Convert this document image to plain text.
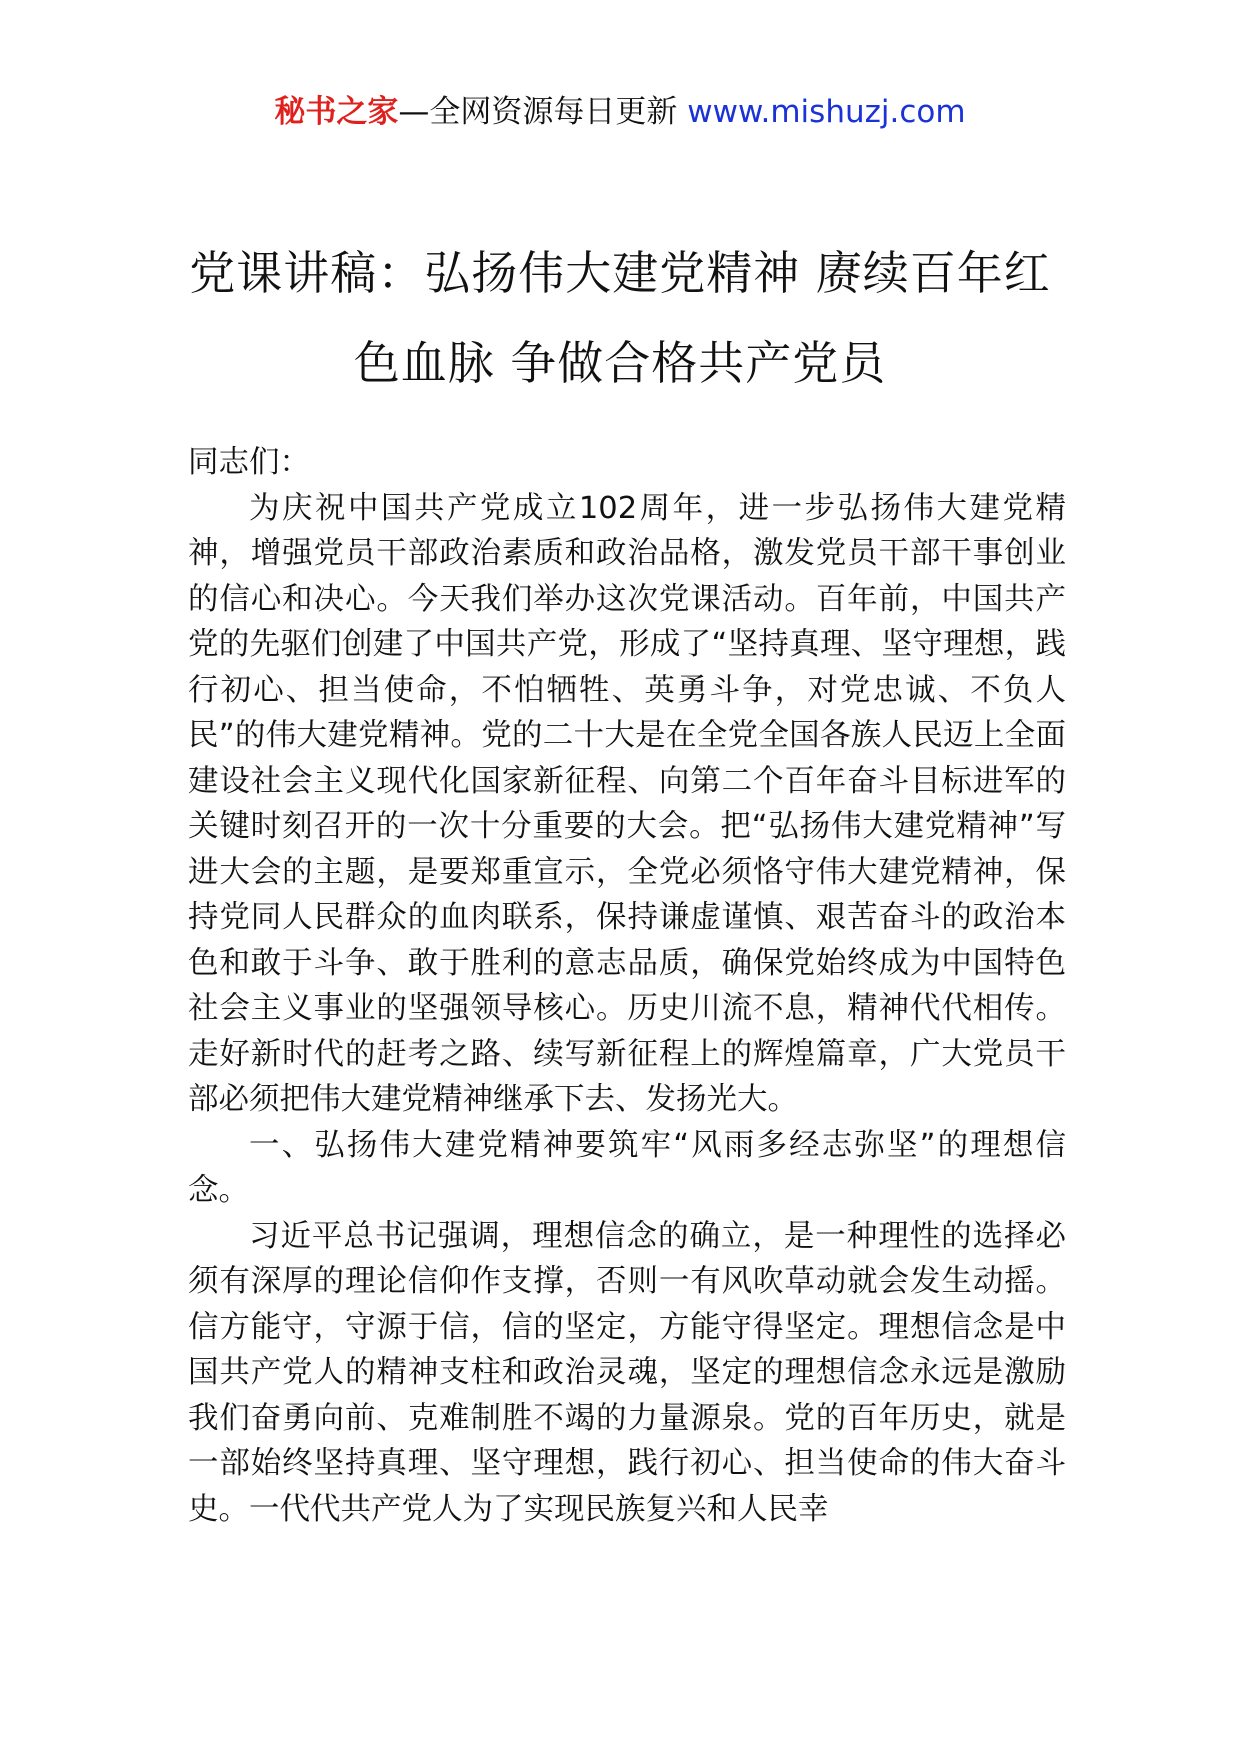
秘书之家—全网资源每日更新 www.mishuzj.com
党课讲稿：弘扬伟大建党精神 赓续百年红色血脉 争做合格共产党员

同志们：

为庆祝中国共产党成立102周年，进一步弘扬伟大建党精神，增强党员干部政治素质和政治品格，激发党员干部干事创业的信心和决心。今天我们举办这次党课活动。百年前，中国共产党的先驱们创建了中国共产党，形成了“坚持真理、坚守理想，践行初心、担当使命，不怕牺牲、英勇斗争，对党忠诚、不负人民”的伟大建党精神。党的二十大是在全党全国各族人民迈上全面建设社会主义现代化国家新征程、向第二个百年奋斗目标进军的关键时刻召开的一次十分重要的大会。把“弘扬伟大建党精神”写进大会的主题，是要郑重宣示，全党必须恪守伟大建党精神，保持党同人民群众的血肉联系，保持谦虚谨慎、艰苦奋斗的政治本色和敢于斗争、敢于胜利的意志品质，确保党始终成为中国特色社会主义事业的坚强领导核心。历史川流不息，精神代代相传。走好新时代的赶考之路、续写新征程上的辉煌篇章，广大党员干部必须把伟大建党精神继承下去、发扬光大。

一、弘扬伟大建党精神要筑牢“风雨多经志弥坚”的理想信念。

习近平总书记强调，理想信念的确立，是一种理性的选择必须有深厚的理论信仰作支撑，否则一有风吹草动就会发生动摇。信方能守，守源于信，信的坚定，方能守得坚定。理想信念是中国共产党人的精神支柱和政治灵魂，坚定的理想信念永远是激励我们奋勇向前、克难制胜不竭的力量源泉。党的百年历史，就是一部始终坚持真理、坚守理想，践行初心、担当使命的伟大奋斗史。一代代共产党人为了实现民族复兴和人民幸
